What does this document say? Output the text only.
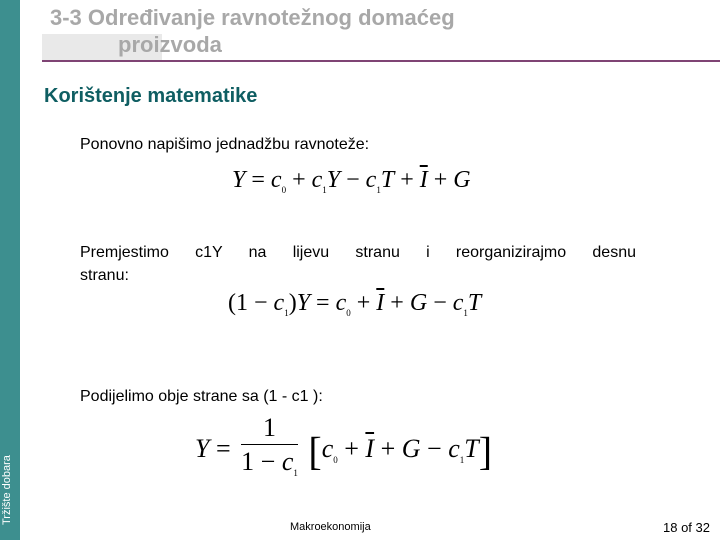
Tržište dobara
3-3 Određivanje ravnotežnog domaćeg
proizvoda
Korištenje matematike

Ponovno napišimo jednadžbu ravnoteže:

$Y = c_0 + c_1Y - c_1T + \overline{I} + G$

Premjestimo c1Y na lijevu stranu i reorganizirajmo desnu
stranu:

$(1 - c_1)Y = c_0 + \overline{I} + G - c_1T$

Podijelimo obje strane sa (1 - c1 ):

$Y = \frac{1}{1 - c_1} [c_0 + \overline{I} + G - c_1T]$
Makroekonomija	18 of 32
